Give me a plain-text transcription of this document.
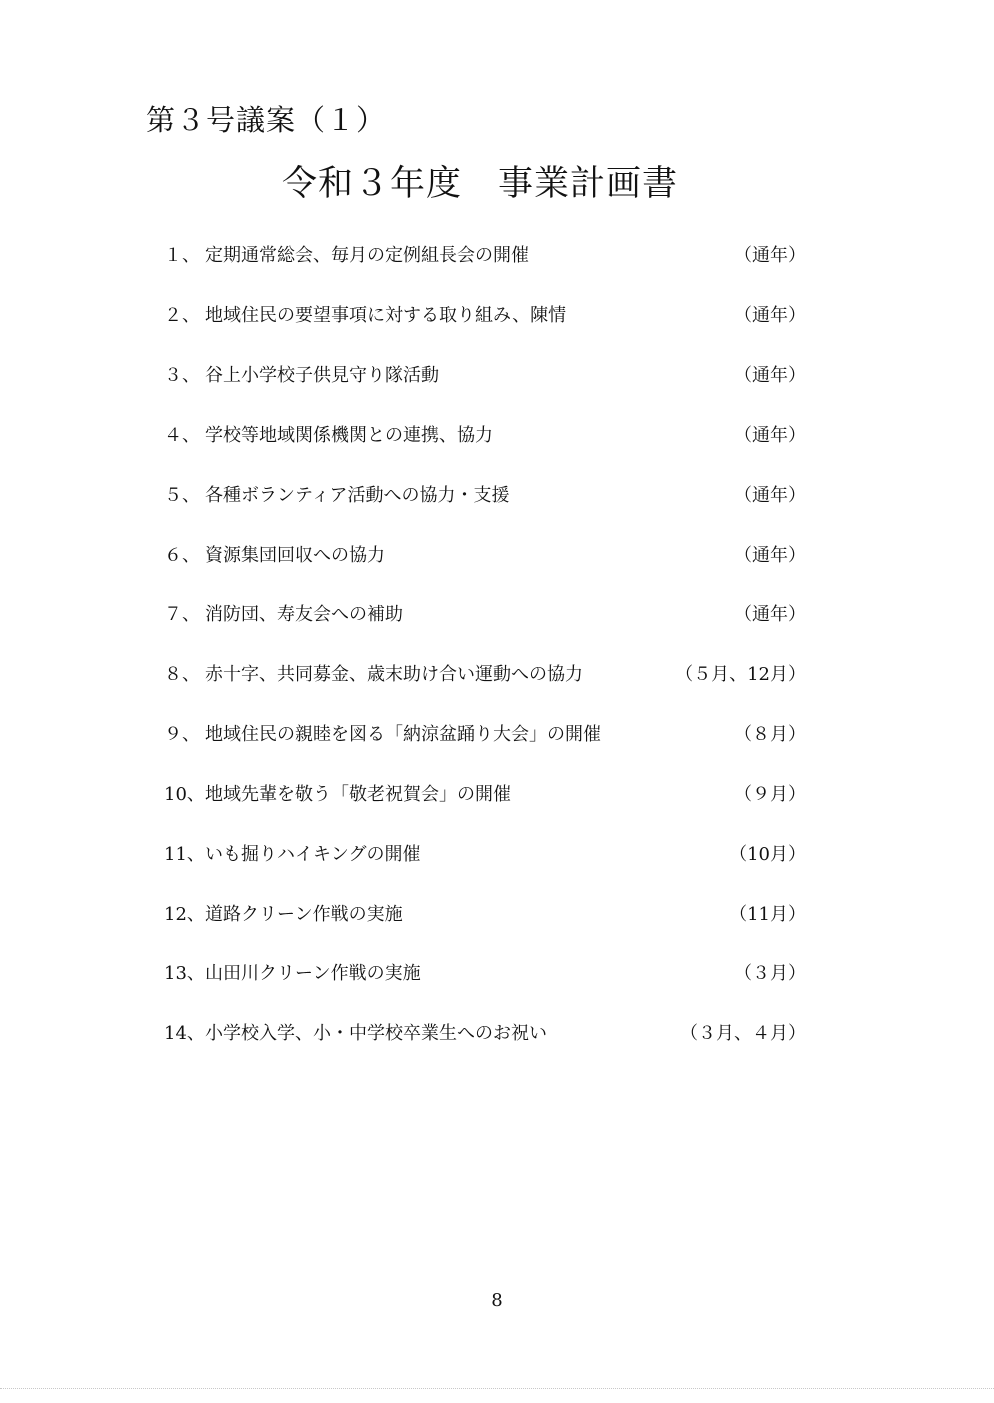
第３号議案（１）
令和３年度　事業計画書
１、 定期通常総会、毎月の定例組長会の開催	（通年）
２、 地域住民の要望事項に対する取り組み、陳情	（通年）
３、 谷上小学校子供見守り隊活動	（通年）
４、 学校等地域関係機関との連携、協力	（通年）
５、 各種ボランティア活動への協力・支援	（通年）
６、 資源集団回収への協力	（通年）
７、 消防団、寿友会への補助	（通年）
８、 赤十字、共同募金、歳末助け合い運動への協力	（５月、12月）
９、 地域住民の親睦を図る「納涼盆踊り大会」の開催	（８月）
10、 地域先輩を敬う「敬老祝賀会」の開催	（９月）
11、 いも掘りハイキングの開催	（10月）
12、 道路クリーン作戦の実施	（11月）
13、 山田川クリーン作戦の実施	（３月）
14、 小学校入学、小・中学校卒業生へのお祝い	（３月、４月）
8
